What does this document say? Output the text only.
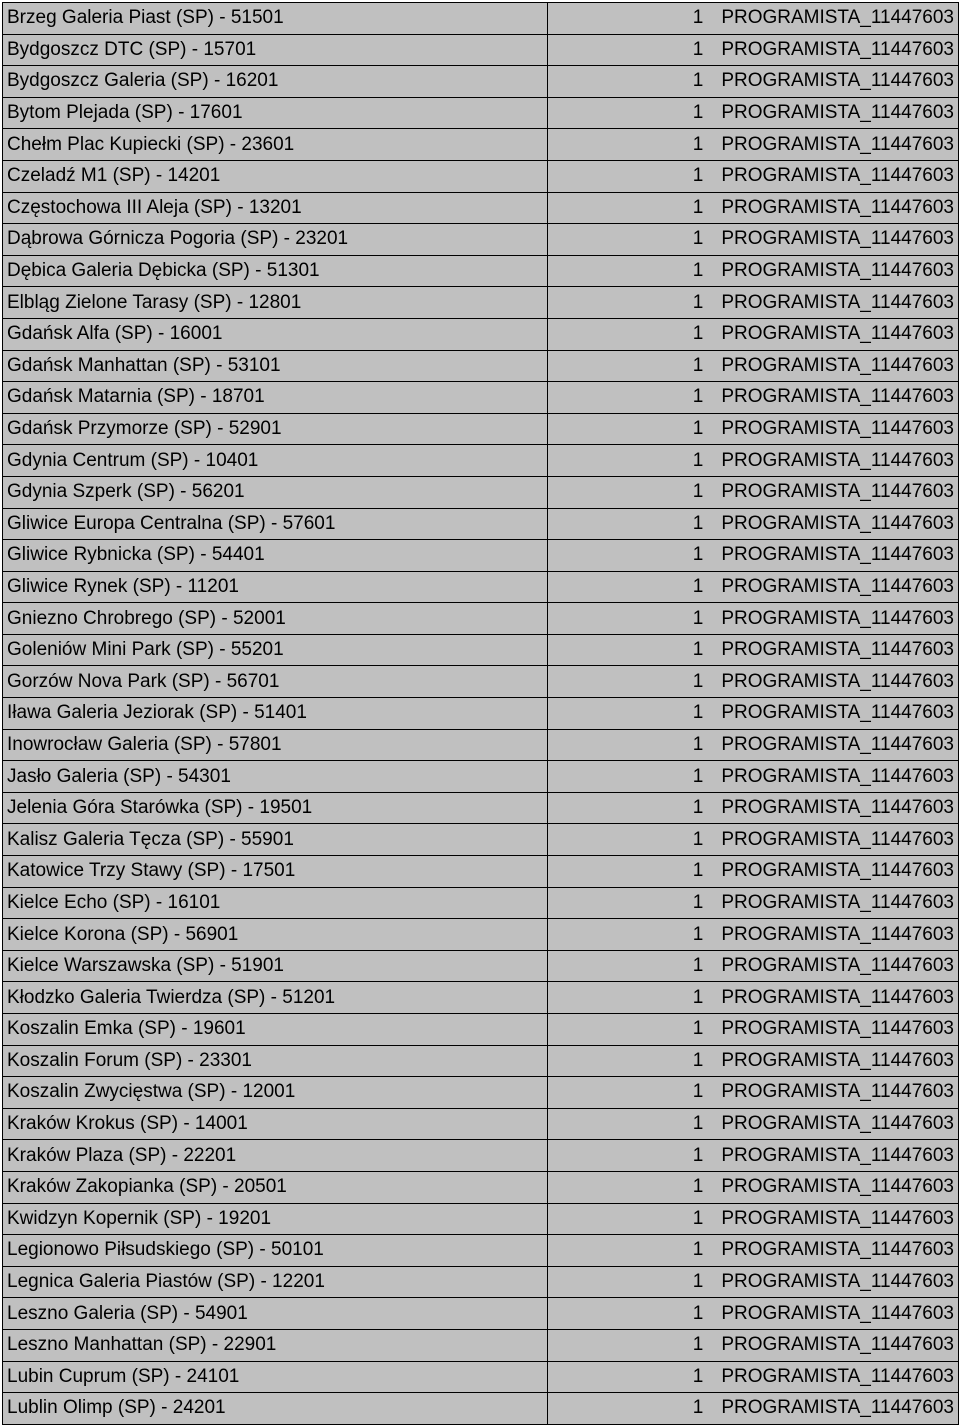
Brzeg Galeria Piast (SP) - 51501	1 PROGRAMISTA_11447603
Bydgoszcz DTC (SP) - 15701	1 PROGRAMISTA_11447603
Bydgoszcz Galeria (SP) - 16201	1 PROGRAMISTA_11447603
Bytom Plejada (SP) - 17601	1 PROGRAMISTA_11447603
Chełm Plac Kupiecki (SP) - 23601	1 PROGRAMISTA_11447603
Czeladź M1 (SP) - 14201	1 PROGRAMISTA_11447603
Częstochowa III Aleja (SP) - 13201	1 PROGRAMISTA_11447603
Dąbrowa Górnicza Pogoria (SP) - 23201	1 PROGRAMISTA_11447603
Dębica Galeria Dębicka (SP) - 51301	1 PROGRAMISTA_11447603
Elbląg Zielone Tarasy (SP) - 12801	1 PROGRAMISTA_11447603
Gdańsk Alfa (SP) - 16001	1 PROGRAMISTA_11447603
Gdańsk Manhattan (SP) - 53101	1 PROGRAMISTA_11447603
Gdańsk Matarnia (SP) - 18701	1 PROGRAMISTA_11447603
Gdańsk Przymorze (SP) - 52901	1 PROGRAMISTA_11447603
Gdynia Centrum (SP) - 10401	1 PROGRAMISTA_11447603
Gdynia Szperk (SP) - 56201	1 PROGRAMISTA_11447603
Gliwice Europa Centralna (SP) - 57601	1 PROGRAMISTA_11447603
Gliwice Rybnicka (SP) - 54401	1 PROGRAMISTA_11447603
Gliwice Rynek (SP) - 11201	1 PROGRAMISTA_11447603
Gniezno Chrobrego (SP) - 52001	1 PROGRAMISTA_11447603
Goleniów Mini Park (SP) - 55201	1 PROGRAMISTA_11447603
Gorzów Nova Park (SP) - 56701	1 PROGRAMISTA_11447603
Iława Galeria Jeziorak (SP) - 51401	1 PROGRAMISTA_11447603
Inowrocław Galeria (SP) - 57801	1 PROGRAMISTA_11447603
Jasło Galeria (SP) - 54301	1 PROGRAMISTA_11447603
Jelenia Góra Starówka (SP) - 19501	1 PROGRAMISTA_11447603
Kalisz Galeria Tęcza (SP) - 55901	1 PROGRAMISTA_11447603
Katowice Trzy Stawy (SP) - 17501	1 PROGRAMISTA_11447603
Kielce Echo (SP) - 16101	1 PROGRAMISTA_11447603
Kielce Korona (SP) - 56901	1 PROGRAMISTA_11447603
Kielce Warszawska (SP) - 51901	1 PROGRAMISTA_11447603
Kłodzko Galeria Twierdza (SP) - 51201	1 PROGRAMISTA_11447603
Koszalin Emka (SP) - 19601	1 PROGRAMISTA_11447603
Koszalin Forum (SP) - 23301	1 PROGRAMISTA_11447603
Koszalin Zwycięstwa (SP) - 12001	1 PROGRAMISTA_11447603
Kraków Krokus (SP) - 14001	1 PROGRAMISTA_11447603
Kraków Plaza (SP) - 22201	1 PROGRAMISTA_11447603
Kraków Zakopianka (SP) - 20501	1 PROGRAMISTA_11447603
Kwidzyn Kopernik (SP) - 19201	1 PROGRAMISTA_11447603
Legionowo Piłsudskiego (SP) - 50101	1 PROGRAMISTA_11447603
Legnica Galeria Piastów (SP) - 12201	1 PROGRAMISTA_11447603
Leszno Galeria (SP) - 54901	1 PROGRAMISTA_11447603
Leszno Manhattan (SP) - 22901	1 PROGRAMISTA_11447603
Lubin Cuprum (SP) - 24101	1 PROGRAMISTA_11447603
Lublin Olimp (SP) - 24201	1 PROGRAMISTA_11447603
